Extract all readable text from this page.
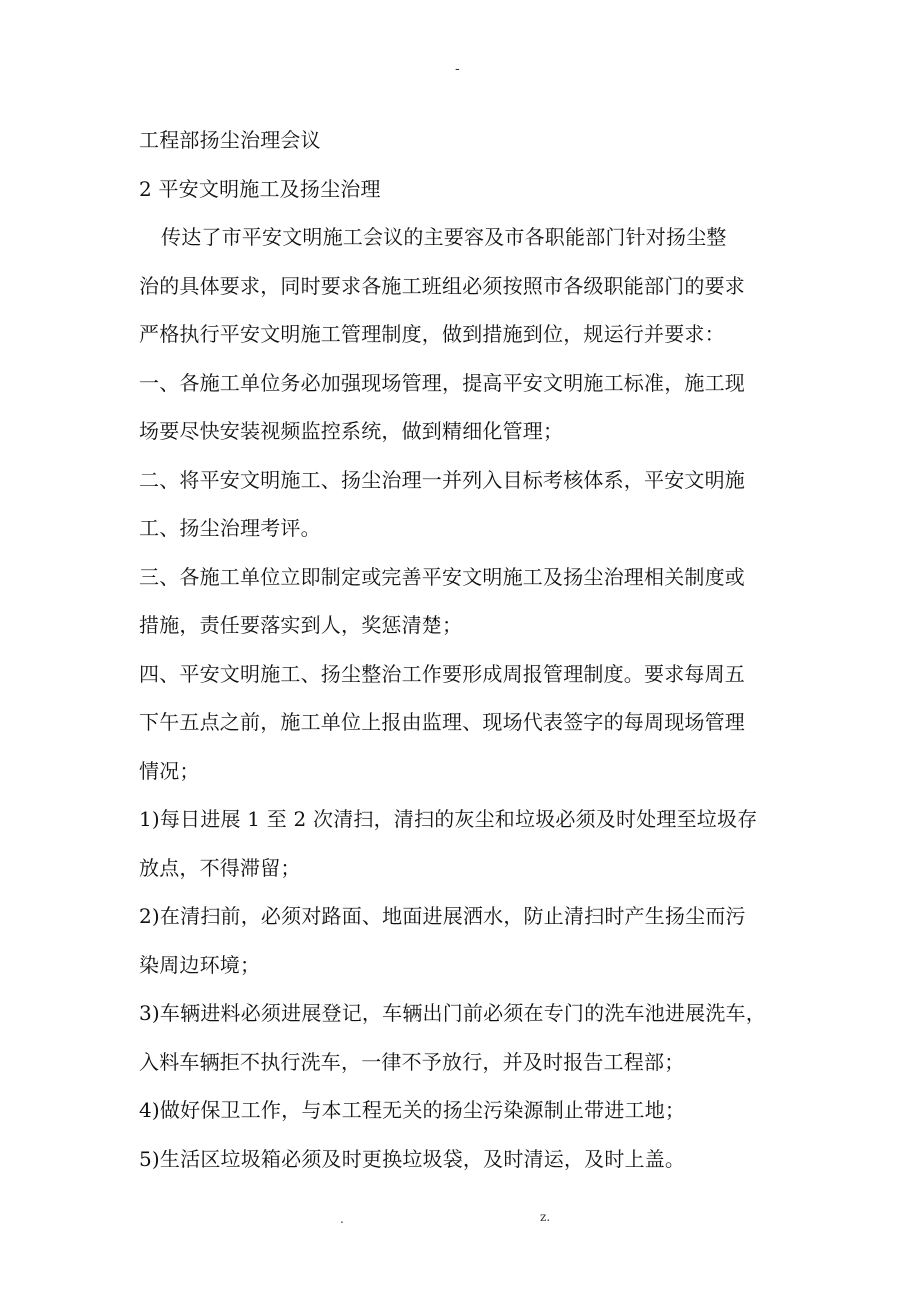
-
工程部扬尘治理会议
2 平安文明施工及扬尘治理
传达了市平安文明施工会议的主要容及市各职能部门针对扬尘整
治的具体要求，同时要求各施工班组必须按照市各级职能部门的要求
严格执行平安文明施工管理制度，做到措施到位，规运行并要求：
一、各施工单位务必加强现场管理，提高平安文明施工标准，施工现
场要尽快安装视频监控系统，做到精细化管理；
二、将平安文明施工、扬尘治理一并列入目标考核体系，平安文明施
工、扬尘治理考评。
三、各施工单位立即制定或完善平安文明施工及扬尘治理相关制度或
措施，责任要落实到人，奖惩清楚；
四、平安文明施工、扬尘整治工作要形成周报管理制度。要求每周五
下午五点之前，施工单位上报由监理、现场代表签字的每周现场管理
情况；
1)每日进展 1 至 2 次清扫，清扫的灰尘和垃圾必须及时处理至垃圾存
放点，不得滞留；
2)在清扫前，必须对路面、地面进展洒水，防止清扫时产生扬尘而污
染周边环境；
3)车辆进料必须进展登记，车辆出门前必须在专门的洗车池进展洗车，
入料车辆拒不执行洗车，一律不予放行，并及时报告工程部；
4)做好保卫工作，与本工程无关的扬尘污染源制止带进工地；
5)生活区垃圾箱必须及时更换垃圾袋，及时清运，及时上盖。
.	z.
